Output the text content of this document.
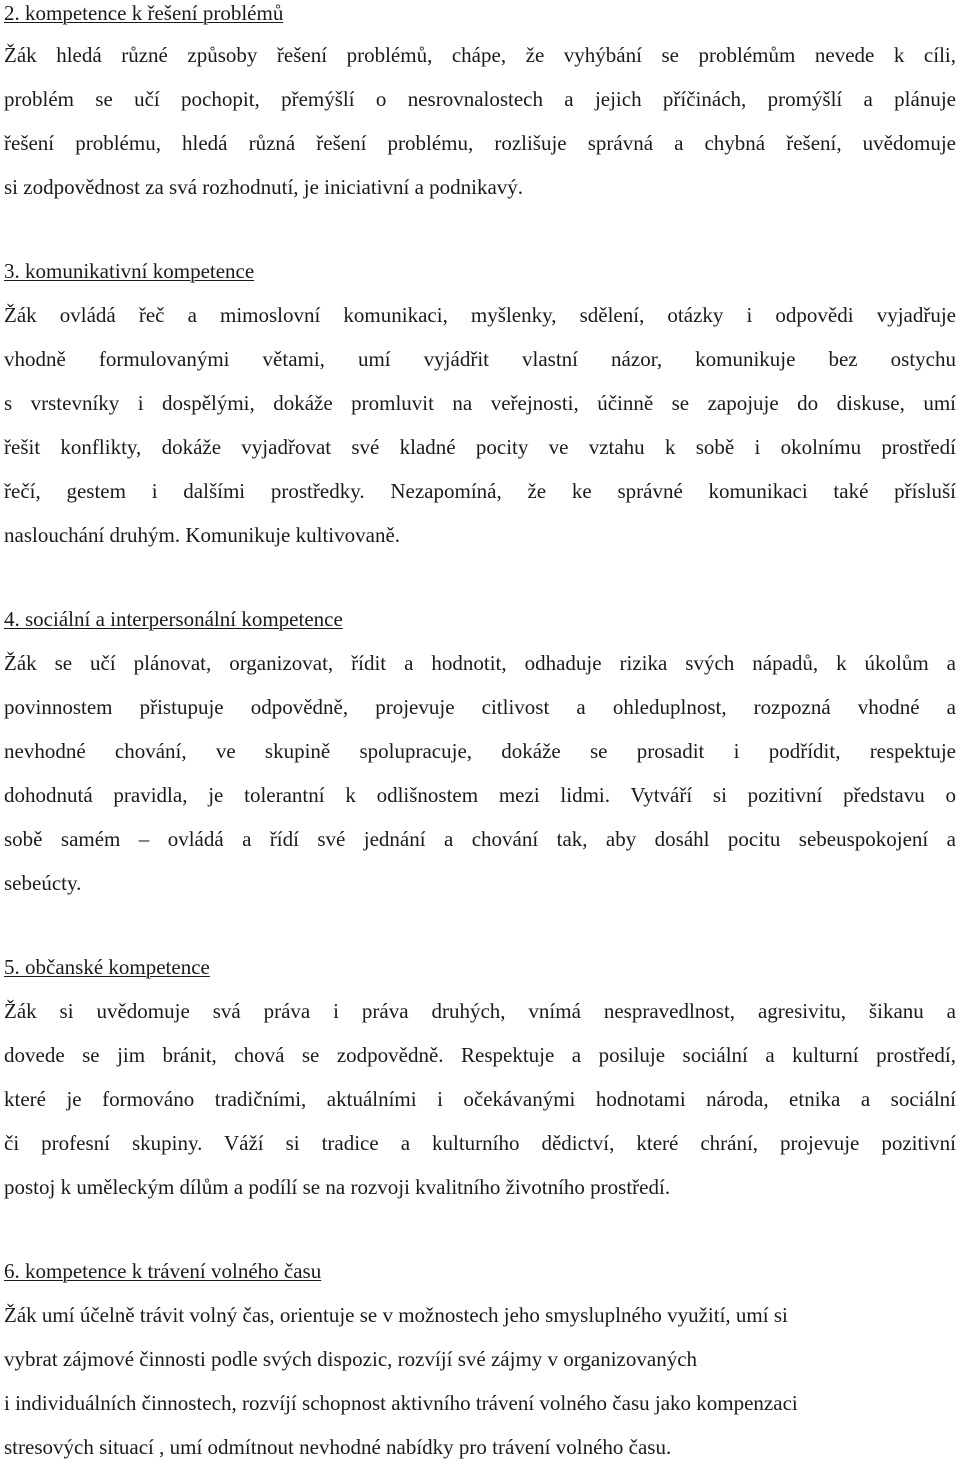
2. kompetence k řešení problémů

Žák hledá různé způsoby řešení problémů, chápe, že vyhýbání se problémům nevede k cíli,
problém se učí pochopit, přemýšlí o nesrovnalostech a jejich příčinách, promýšlí a plánuje
řešení problému, hledá různá řešení problému, rozlišuje správná a chybná řešení, uvědomuje
si zodpovědnost za svá rozhodnutí, je iniciativní a podnikavý.

3. komunikativní kompetence

Žák ovládá řeč a mimoslovní komunikaci, myšlenky, sdělení, otázky i odpovědi vyjadřuje
vhodně formulovanými větami, umí vyjádřit vlastní názor, komunikuje bez ostychu
s vrstevníky i dospělými, dokáže promluvit na veřejnosti, účinně se zapojuje do diskuse, umí
řešit konflikty, dokáže vyjadřovat své kladné pocity ve vztahu k sobě i okolnímu prostředí
řečí, gestem i dalšími prostředky. Nezapomíná, že ke správné komunikaci také přísluší
naslouchání druhým. Komunikuje kultivovaně.

4. sociální a interpersonální kompetence

Žák se učí plánovat, organizovat, řídit a hodnotit, odhaduje rizika svých nápadů, k úkolům a
povinnostem přistupuje odpovědně, projevuje citlivost a ohleduplnost, rozpozná vhodné a
nevhodné chování, ve skupině spolupracuje, dokáže se prosadit i podřídit, respektuje
dohodnutá pravidla, je tolerantní k odlišnostem mezi lidmi. Vytváří si pozitivní představu o
sobě samém – ovládá a řídí své jednání a chování tak, aby dosáhl pocitu sebeuspokojení a
sebeúcty.

5. občanské kompetence

Žák si uvědomuje svá práva i práva druhých, vnímá nespravedlnost, agresivitu, šikanu a
dovede se jim bránit, chová se zodpovědně. Respektuje a posiluje sociální a kulturní prostředí,
které je formováno tradičními, aktuálními i očekávanými hodnotami národa, etnika a sociální
či profesní skupiny. Váží si tradice a kulturního dědictví, které chrání, projevuje pozitivní
postoj k uměleckým dílům a podílí se na rozvoji kvalitního životního prostředí.

6. kompetence k trávení volného času

Žák umí účelně trávit volný čas, orientuje se v možnostech jeho smysluplného využití, umí si
vybrat zájmové činnosti podle svých dispozic, rozvíjí své zájmy v organizovaných
i individuálních činnostech, rozvíjí schopnost aktivního trávení volného času jako kompenzaci
stresových situací , umí odmítnout nevhodné nabídky pro trávení volného času.
